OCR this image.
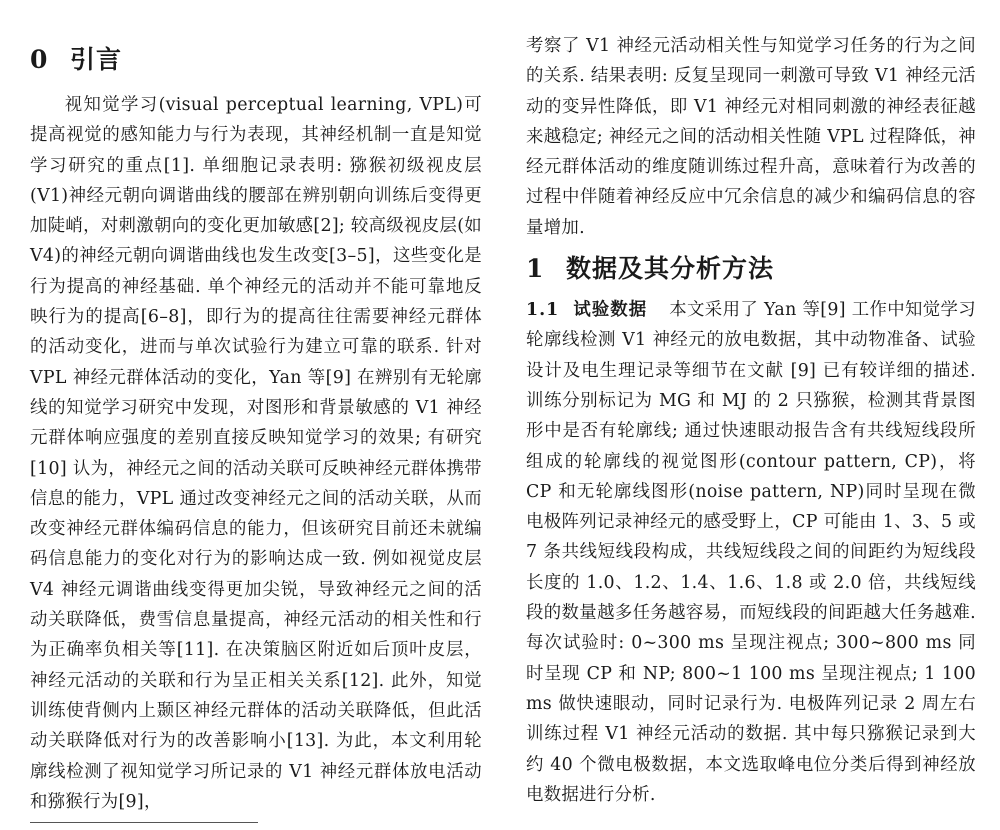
0 引言

视知觉学习(visual perceptual learning, VPL)可提高视觉的感知能力与行为表现，其神经机制一直是知觉学习研究的重点[1]. 单细胞记录表明: 猕猴初级视皮层(V1)神经元朝向调谐曲线的腰部在辨别朝向训练后变得更加陡峭，对刺激朝向的变化更加敏感[2]; 较高级视皮层(如 V4)的神经元朝向调谐曲线也发生改变[3–5]，这些变化是行为提高的神经基础. 单个神经元的活动并不能可靠地反映行为的提高[6–8]，即行为的提高往往需要神经元群体的活动变化，进而与单次试验行为建立可靠的联系. 针对 VPL 神经元群体活动的变化，Yan 等[9] 在辨别有无轮廓线的知觉学习研究中发现，对图形和背景敏感的 V1 神经元群体响应强度的差别直接反映知觉学习的效果; 有研究[10] 认为，神经元之间的活动关联可反映神经元群体携带信息的能力，VPL 通过改变神经元之间的活动关联，从而改变神经元群体编码信息的能力，但该研究目前还未就编码信息能力的变化对行为的影响达成一致. 例如视觉皮层 V4 神经元调谐曲线变得更加尖锐，导致神经元之间的活动关联降低，费雪信息量提高，神经元活动的相关性和行为正确率负相关等[11]. 在决策脑区附近如后顶叶皮层，神经元活动的关联和行为呈正相关关系[12]. 此外，知觉训练使背侧内上颞区神经元群体的活动关联降低，但此活动关联降低对行为的改善影响小[13]. 为此，本文利用轮廓线检测了视知觉学习所记录的 V1 神经元群体放电活动和猕猴行为[9]，

考察了 V1 神经元活动相关性与知觉学习任务的行为之间的关系. 结果表明: 反复呈现同一刺激可导致 V1 神经元活动的变异性降低，即 V1 神经元对相同刺激的神经表征越来越稳定; 神经元之间的活动相关性随 VPL 过程降低，神经元群体活动的维度随训练过程升高，意味着行为改善的过程中伴随着神经反应中冗余信息的减少和编码信息的容量增加.

1 数据及其分析方法

1.1 试验数据 本文采用了 Yan 等[9] 工作中知觉学习轮廓线检测 V1 神经元的放电数据，其中动物准备、试验设计及电生理记录等细节在文献 [9] 已有较详细的描述. 训练分别标记为 MG 和 MJ 的 2 只猕猴，检测其背景图形中是否有轮廓线; 通过快速眼动报告含有共线短线段所组成的轮廓线的视觉图形(contour pattern, CP)，将 CP 和无轮廓线图形(noise pattern, NP)同时呈现在微电极阵列记录神经元的感受野上，CP 可能由 1、3、5 或 7 条共线短线段构成，共线短线段之间的间距约为短线段长度的 1.0、1.2、1.4、1.6、1.8 或 2.0 倍，共线短线段的数量越多任务越容易，而短线段的间距越大任务越难. 每次试验时: 0~300 ms 呈现注视点; 300~800 ms 同时呈现 CP 和 NP; 800~1 100 ms 呈现注视点; 1 100 ms 做快速眼动，同时记录行为. 电极阵列记录 2 周左右训练过程 V1 神经元活动的数据. 其中每只猕猴记录到大约 40 个微电极数据，本文选取峰电位分类后得到神经放电数据进行分析.
